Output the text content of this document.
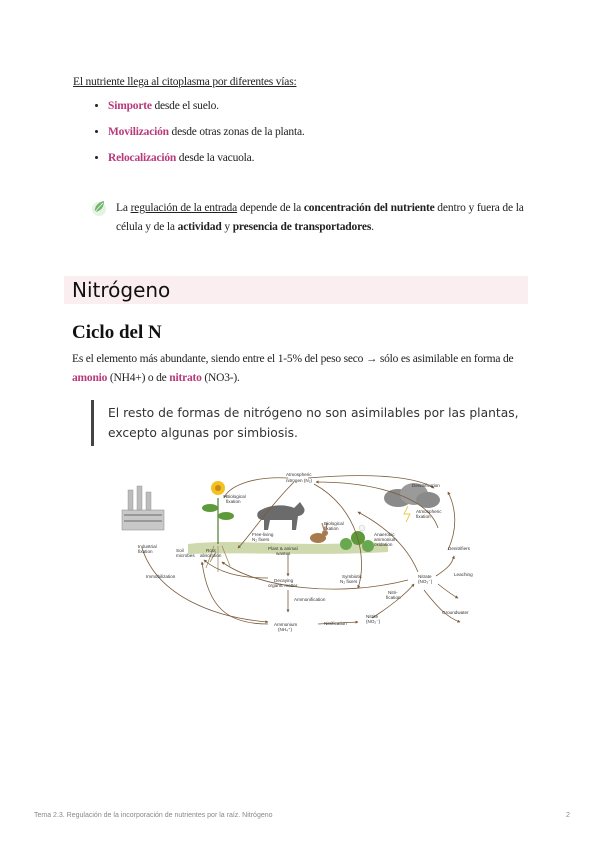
El nutriente llega al citoplasma por diferentes vías:
• Simporte desde el suelo.
• Movilización desde otras zonas de la planta.
• Relocalización desde la vacuola.
La regulación de la entrada depende de la concentración del nutriente dentro y fuera de la célula y de la actividad y presencia de transportadores.
Nitrógeno
Ciclo del N
Es el elemento más abundante, siendo entre el 1-5% del peso seco → sólo es asimilable en forma de amonio (NH4+) o de nitrato (NO3-).
El resto de formas de nitrógeno no son asimilables por las plantas, excepto algunas por simbiosis.
Atmospheric
nitrogen (N₂)
Biological
fixation
Denitrification
Atmospheric
fixation
Biological
fixation
Free-living
N₂ fixers
Industrial
fixation	Soil
microbes
Root
absorption
Plant & animal
wastes
Anaerobic
ammonium
oxidation
Denitrifiers
Immobilization
Decaying
organic matter
Symbiotic
N₂ fixers
Nitrate
(NO₃⁻)
Leaching
Ammonification
Nitri-
fication
Nitrite
(NO₂⁻)
Ammonium
(NH₄⁺)
Nitrification
Groundwater
Tema 2.3. Regulación de la incorporación de nutrientes por la raíz. Nitrógeno	2
